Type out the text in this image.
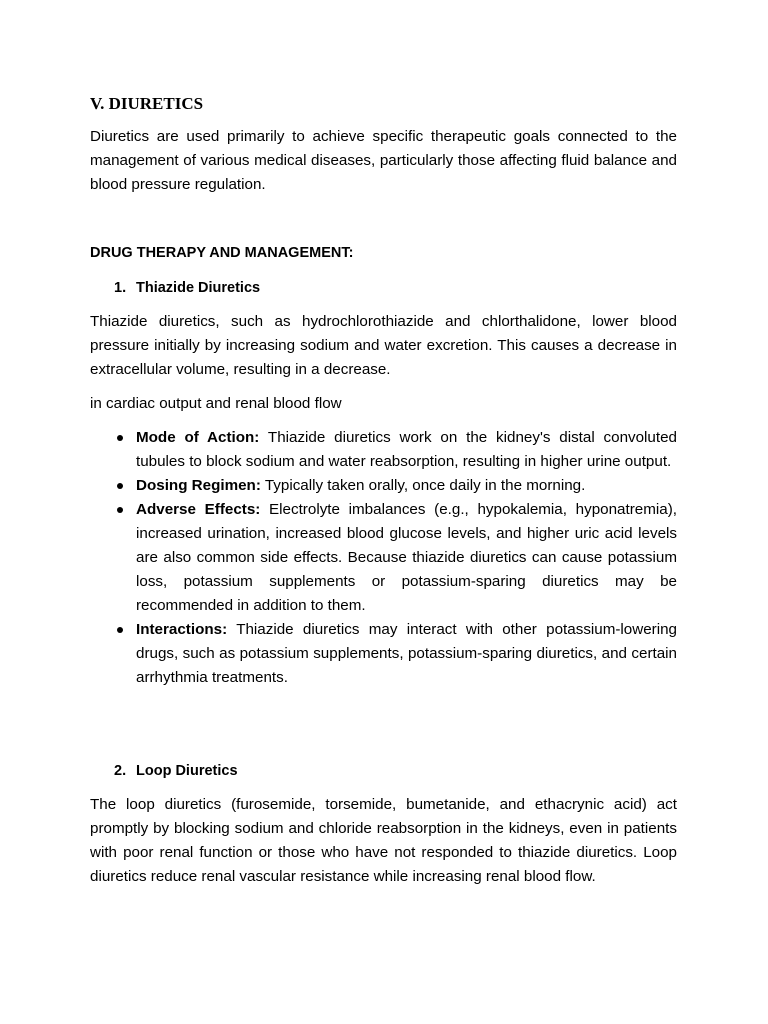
V. DIURETICS

Diuretics are used primarily to achieve specific therapeutic goals connected to the management of various medical diseases, particularly those affecting fluid balance and blood pressure regulation.

DRUG THERAPY AND MANAGEMENT:
1. Thiazide Diuretics

Thiazide diuretics, such as hydrochlorothiazide and chlorthalidone, lower blood pressure initially by increasing sodium and water excretion. This causes a decrease in extracellular volume, resulting in a decrease.

in cardiac output and renal blood flow

Mode of Action: Thiazide diuretics work on the kidney's distal convoluted tubules to block sodium and water reabsorption, resulting in higher urine output.
Dosing Regimen: Typically taken orally, once daily in the morning.
Adverse Effects: Electrolyte imbalances (e.g., hypokalemia, hyponatremia), increased urination, increased blood glucose levels, and higher uric acid levels are also common side effects. Because thiazide diuretics can cause potassium loss, potassium supplements or potassium-sparing diuretics may be recommended in addition to them.
Interactions: Thiazide diuretics may interact with other potassium-lowering drugs, such as potassium supplements, potassium-sparing diuretics, and certain arrhythmia treatments.
2. Loop Diuretics

The loop diuretics (furosemide, torsemide, bumetanide, and ethacrynic acid) act promptly by blocking sodium and chloride reabsorption in the kidneys, even in patients with poor renal function or those who have not responded to thiazide diuretics. Loop diuretics reduce renal vascular resistance while increasing renal blood flow.
